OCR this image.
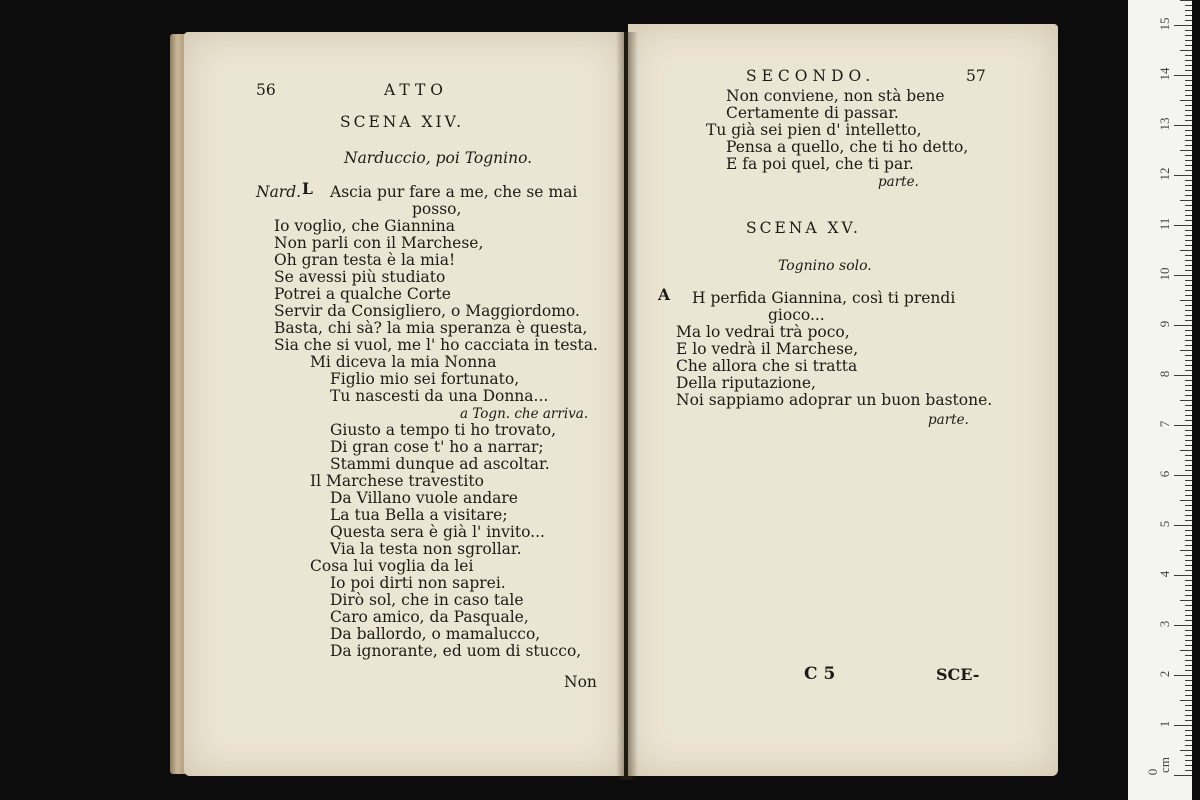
56	ATTO
SCENA XIV.
Narduccio, poi Tognino.
Nard. L Ascia pur fare a me, che se mai
posso,
Io voglio, che Giannina
Non parli con il Marchese,
Oh gran testa è la mia!
Se avessi più studiato
Potrei a qualche Corte
Servir da Consigliero, o Maggiordomo.
Basta, chi sà? la mia speranza è questa,
Sia che si vuol, me l' ho cacciata in testa.
Mi diceva la mia Nonna
Figlio mio sei fortunato,
Tu nascesti da una Donna...
a Togn. che arriva.
Giusto a tempo ti ho trovato,
Di gran cose t' ho a narrar;
Stammi dunque ad ascoltar.
Il Marchese travestito
Da Villano vuole andare
La tua Bella a visitare;
Questa sera è già l' invito...
Via la testa non sgrollar.
Cosa lui voglia da lei
Io poi dirti non saprei.
Dirò sol, che in caso tale
Caro amico, da Pasquale,
Da ballordo, o mamalucco,
Da ignorante, ed uom di stucco,
Non
SECONDO.	57
Non conviene, non stà bene
Certamente di passar.
Tu già sei pien d' intelletto,
Pensa a quello, che ti ho detto,
E fa poi quel, che ti par.
parte.
SCENA XV.
Tognino solo.
A H perfida Giannina, così ti prendi
gioco...
Ma lo vedrai trà poco,
E lo vedrà il Marchese,
Che allora che si tratta
Della riputazione,
Noi sappiamo adoprar un buon bastone.
parte.
C 5	SCE-
cm
0
1
2
3
4
5
6
7
8
9
10
11
12
13
14
15
